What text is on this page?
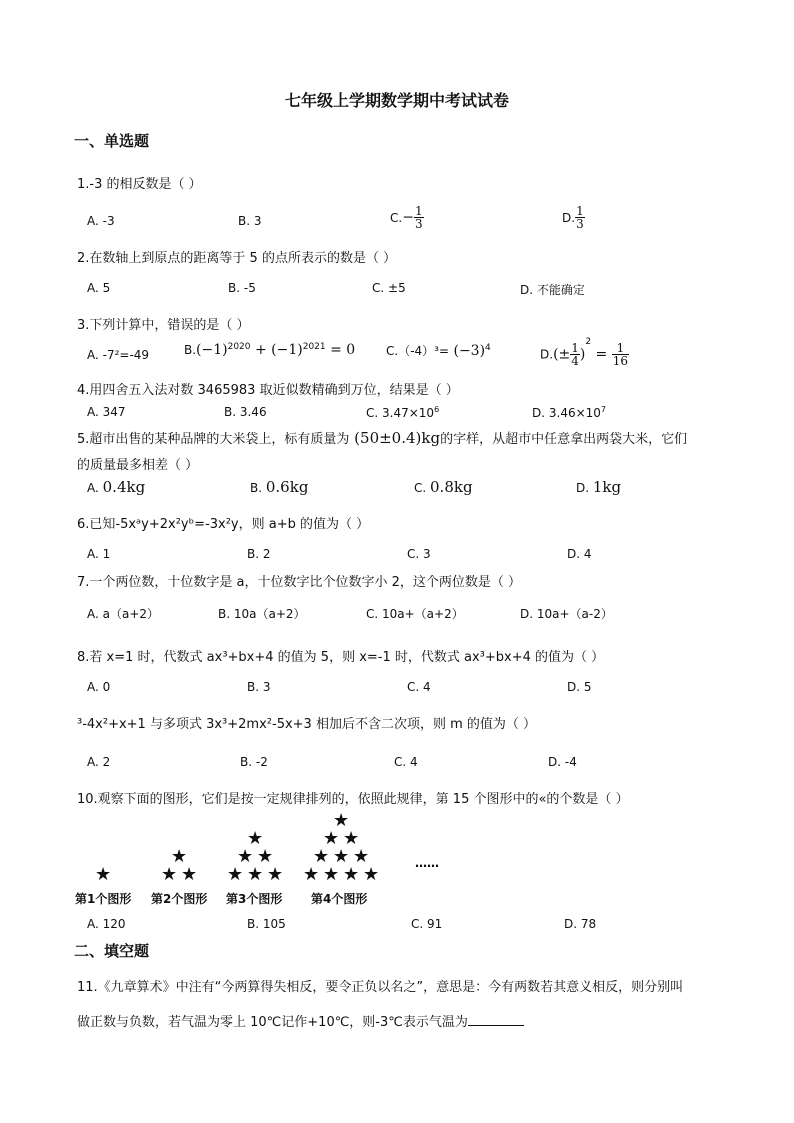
七年级上学期数学期中考试试卷
一、单选题
1.-3 的相反数是（ ）
A. -3	B. 3	$C.- \frac{1}{3}$	D. $\frac{1}{3}$
2.在数轴上到原点的距离等于 5 的点所表示的数是（ ）
A. 5	B. -5	C. ±5	D. 不能确定
3.下列计算中，错误的是（ ）
A. -7²=-49	$B.(-1)^{2020} + (-1)^{2021} = 0$	$C.(-4)^3= (-3)^4$	$D.(\pm \frac{1}{4} )^2 = \frac{1}{16}$
4.用四舍五入法对数 3465983 取近似数精确到万位，结果是（ ）
A. 347	B. 3.46	C. $3.47\times 10^6$	D. $3.46\times 10^7$
5.超市出售的某种品牌的大米袋上，标有质量为 (50±0.4)kg的字样，从超市中任意拿出两袋大米，它们
的质量最多相差（ ）
A. 0.4kg	B. 0.6kg	C. 0.8kg	D. 1kg
6.已知-5xᵃy+2x²yᵇ=-3x²y，则 a+b 的值为（ ）
A. 1	B. 2	C. 3	D. 4
7.一个两位数，十位数字是 a，十位数字比个位数字小 2，这个两位数是（ ）
A. a（a+2）	B. 10a（a+2）	C. 10a+（a+2）	D. 10a+（a-2）
8.若 x=1 时，代数式 ax³+bx+4 的值为 5，则 x=-1 时，代数式 ax³+bx+4 的值为（ ）
A. 0	B. 3	C. 4	D. 5
³-4x²+x+1 与多项式 3x³+2mx²-5x+3 相加后不含二次项，则 m 的值为（ ）
A. 2	B. -2	C. 4	D. -4
10.观察下面的图形，它们是按一定规律排列的，依照此规律，第 15 个图形中的«的个数是（ ）
★
★
★ ★
★
★ ★
★ ★ ★
★
★ ★
★ ★ ★
★ ★ ★ ★
……
第1个图形 第2个图形 第3个图形 第4个图形
A. 120	B. 105	C. 91	D. 78
二、填空题
11.《九章算术》中注有“今两算得失相反，要令正负以名之”，意思是：今有两数若其意义相反，则分别叫
做正数与负数，若气温为零上 10℃记作+10℃，则-3℃表示气温为
